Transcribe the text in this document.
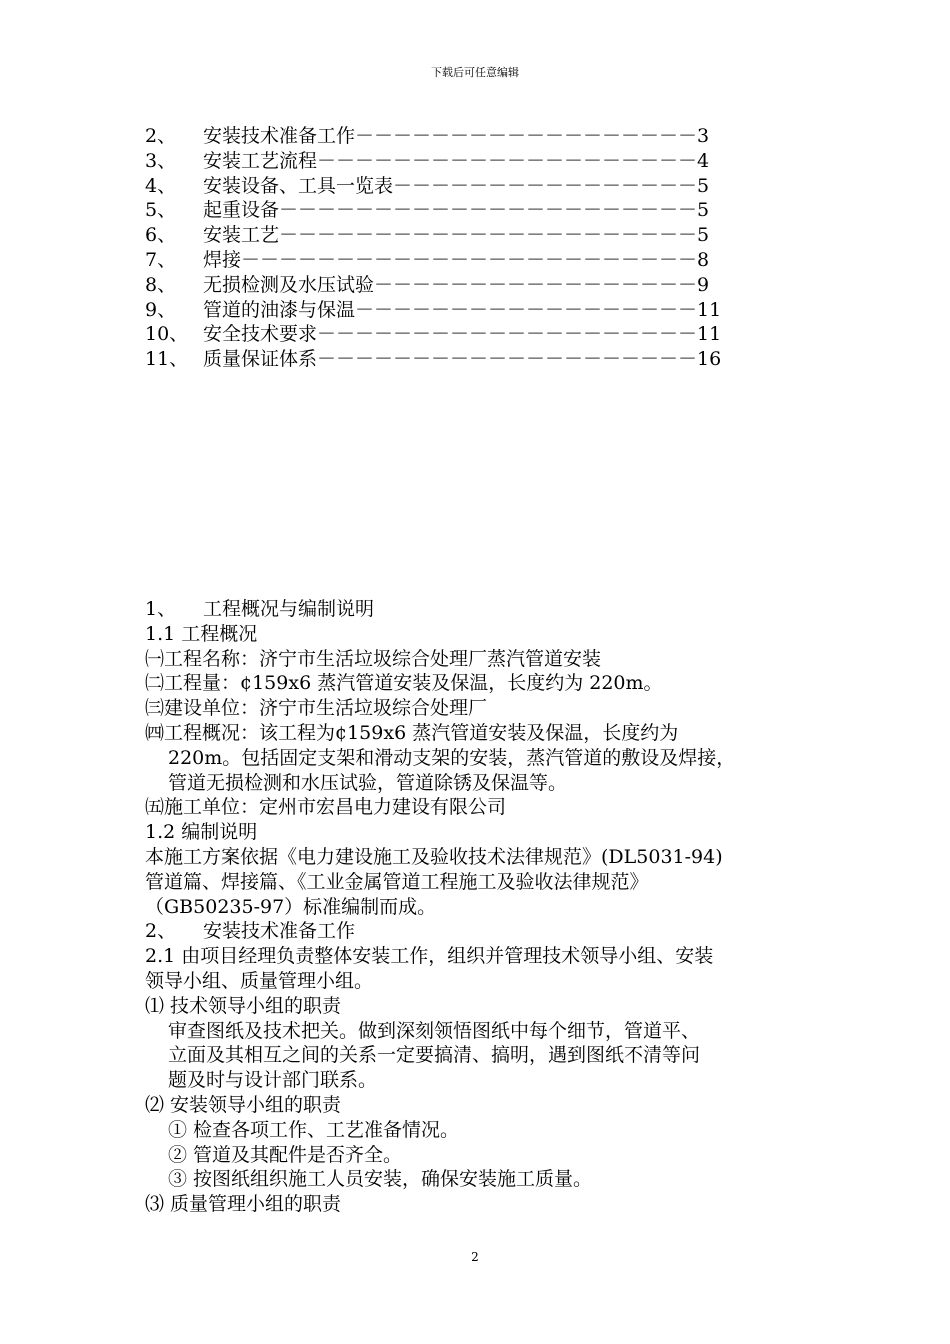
下载后可任意编辑
2、	安装技术准备工作 －－－－－－－－－－－－－－－－－－ 3
3、	安装工艺流程 －－－－－－－－－－－－－－－－－－－－ 4
4、	安装设备、工具一览表 －－－－－－－－－－－－－－－－ 5
5、	起重设备 －－－－－－－－－－－－－－－－－－－－－－ 5
6、	安装工艺 －－－－－－－－－－－－－－－－－－－－－－ 5
7、	焊接 －－－－－－－－－－－－－－－－－－－－－－－－ 8
8、	无损检测及水压试验 －－－－－－－－－－－－－－－－－ 9
9、	管道的油漆与保温 －－－－－－－－－－－－－－－－－－ 11
10、 安全技术要求 －－－－－－－－－－－－－－－－－－－－ 11
11、 质量保证体系 －－－－－－－－－－－－－－－－－－－－ 16

1、 工程概况与编制说明

1.1 工程概况

㈠工程名称：济宁市生活垃圾综合处理厂蒸汽管道安装

㈡工程量：¢159x6 蒸汽管道安装及保温，长度约为 220m。

㈢建设单位：济宁市生活垃圾综合处理厂

㈣工程概况：该工程为¢159x6 蒸汽管道安装及保温，长度约为

220m。包括固定支架和滑动支架的安装，蒸汽管道的敷设及焊接，

管道无损检测和水压试验，管道除锈及保温等。

㈤施工单位：定州市宏昌电力建设有限公司

1.2 编制说明

本施工方案依据《电力建设施工及验收技术法律规范》(DL5031-94)

管道篇、焊接篇、《工业金属管道工程施工及验收法律规范》

（GB50235-97）标准编制而成。

2、 安装技术准备工作

2.1 由项目经理负责整体安装工作，组织并管理技术领导小组、安装

领导小组、质量管理小组。

⑴ 技术领导小组的职责

审查图纸及技术把关。做到深刻领悟图纸中每个细节，管道平、

立面及其相互之间的关系一定要搞清、搞明，遇到图纸不清等问

题及时与设计部门联系。

⑵ 安装领导小组的职责

① 检查各项工作、工艺准备情况。

② 管道及其配件是否齐全。

③ 按图纸组织施工人员安装，确保安装施工质量。

⑶ 质量管理小组的职责

2
